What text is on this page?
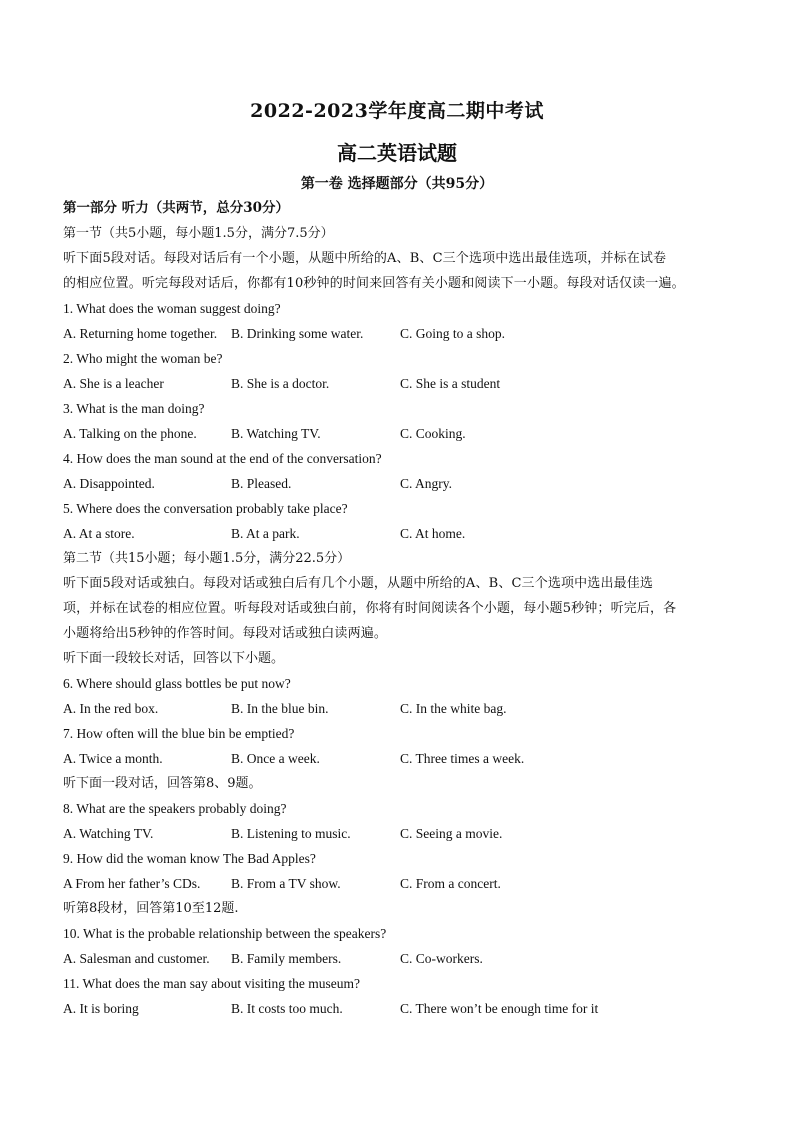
2022-2023学年度高二期中考试
高二英语试题
第一卷 选择题部分（共95分）
第一部分 听力（共两节，总分30分）
第一节（共5小题，每小题1.5分，满分7.5分）
听下面5段对话。每段对话后有一个小题，从题中所给的A、B、C三个选项中选出最佳选项，并标在试卷
的相应位置。听完每段对话后，你都有10秒钟的时间来回答有关小题和阅读下一小题。每段对话仅读一遍。
1. What does the woman suggest doing?
A. Returning home together. B. Drinking some water.	C. Going to a shop.
2. Who might the woman be?
A. She is a leacher	B. She is a doctor.	C. She is a student
3. What is the man doing?
A. Talking on the phone.	B. Watching TV.	C. Cooking.
4. How does the man sound at the end of the conversation?
A. Disappointed.	B. Pleased.	C. Angry.
5. Where does the conversation probably take place?
A. At a store.	B. At a park.	C. At home.
第二节（共15小题；每小题1.5分，满分22.5分）
听下面5段对话或独白。每段对话或独白后有几个小题，从题中所给的A、B、C三个选项中选出最佳选
项，并标在试卷的相应位置。听每段对话或独白前，你将有时间阅读各个小题，每小题5秒钟；听完后，各
小题将给出5秒钟的作答时间。每段对话或独白读两遍。
听下面一段较长对话，回答以下小题。
6. Where should glass bottles be put now?
A. In the red box.	B. In the blue bin.	C. In the white bag.
7. How often will the blue bin be emptied?
A. Twice a month.	B. Once a week.	C. Three times a week.
听下面一段对话，回答第8、9题。
8. What are the speakers probably doing?
A. Watching TV.	B. Listening to music.	C. Seeing a movie.
9. How did the woman know The Bad Apples?
A From her father’s CDs. B. From a TV show.	C. From a concert.
听第8段材，回答第10至12题.
10. What is the probable relationship between the speakers?
A. Salesman and customer. B. Family members.	C. Co-workers.
11. What does the man say about visiting the museum?
A. It is boring	B. It costs too much.	C. There won’t be enough time for it
